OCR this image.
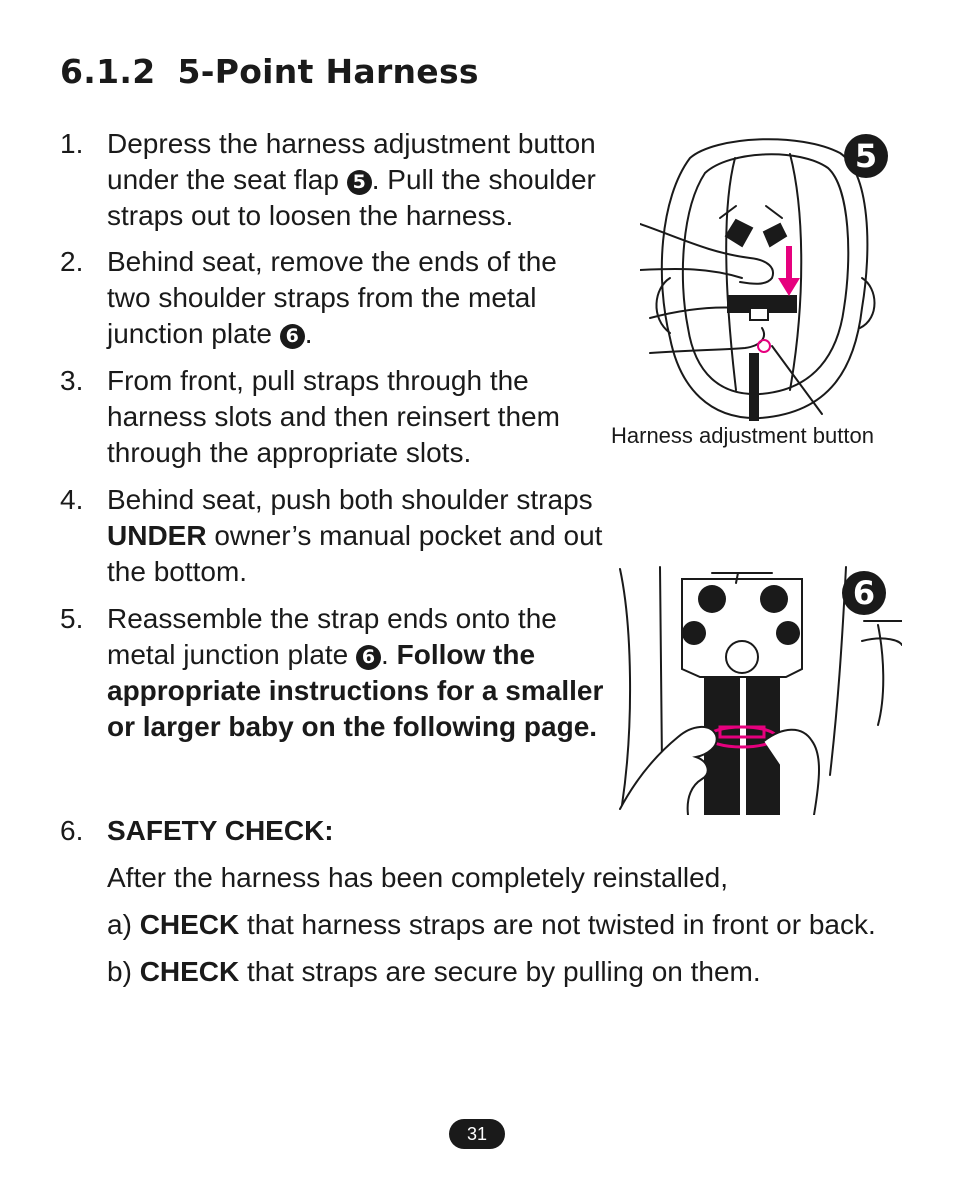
6.1.2 5-Point Harness
1. Depress the harness adjustment button under the seat flap 5 . Pull the shoulder straps out to loosen the harness.
2. Behind seat, remove the ends of the two shoulder straps from the metal junction plate 6 .
3. From front, pull straps through the harness slots and then reinsert them through the appropriate slots.
4. Behind seat, push both shoulder straps UNDER owner’s manual pocket and out the bottom.
5. Reassemble the strap ends onto the metal junction plate 6 . Follow the appropriate instructions for a smaller or larger baby on the following page.
6. SAFETY CHECK:
After the harness has been completely reinstalled,
a) CHECK that harness straps are not twisted in front or back.
b) CHECK that straps are secure by pulling on them.
5
Harness adjustment button
6
31
